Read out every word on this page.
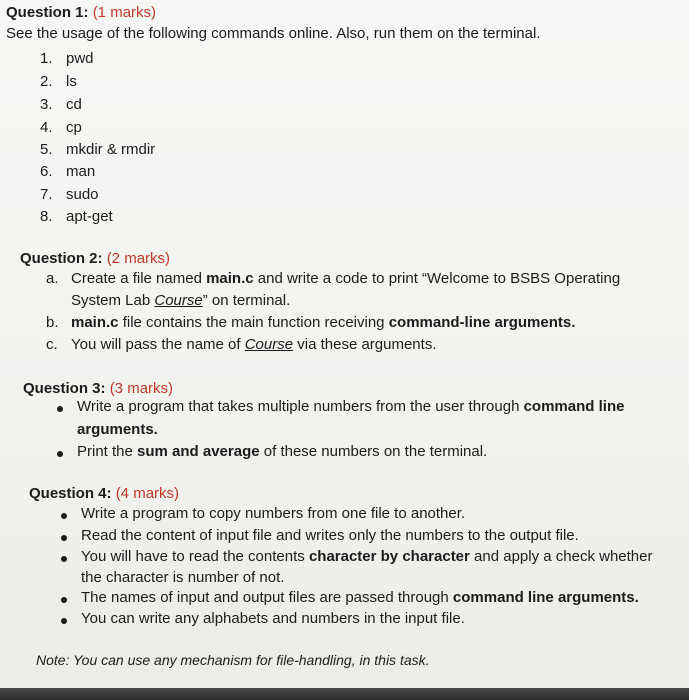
Question 1: (1 marks)
See the usage of the following commands online. Also, run them on the terminal.
1. pwd
2. ls
3. cd
4. cp
5. mkdir & rmdir
6. man
7. sudo
8. apt-get
Question 2: (2 marks)
a. Create a file named main.c and write a code to print “Welcome to BSBS Operating
System Lab Course” on terminal.
b. main.c file contains the main function receiving command-line arguments.
c. You will pass the name of Course via these arguments.
Question 3: (3 marks)
Write a program that takes multiple numbers from the user through command line
arguments.
Print the sum and average of these numbers on the terminal.
Question 4: (4 marks)
Write a program to copy numbers from one file to another.
Read the content of input file and writes only the numbers to the output file.
You will have to read the contents character by character and apply a check whether
the character is number of not.
The names of input and output files are passed through command line arguments.
You can write any alphabets and numbers in the input file.
Note: You can use any mechanism for file-handling, in this task.
